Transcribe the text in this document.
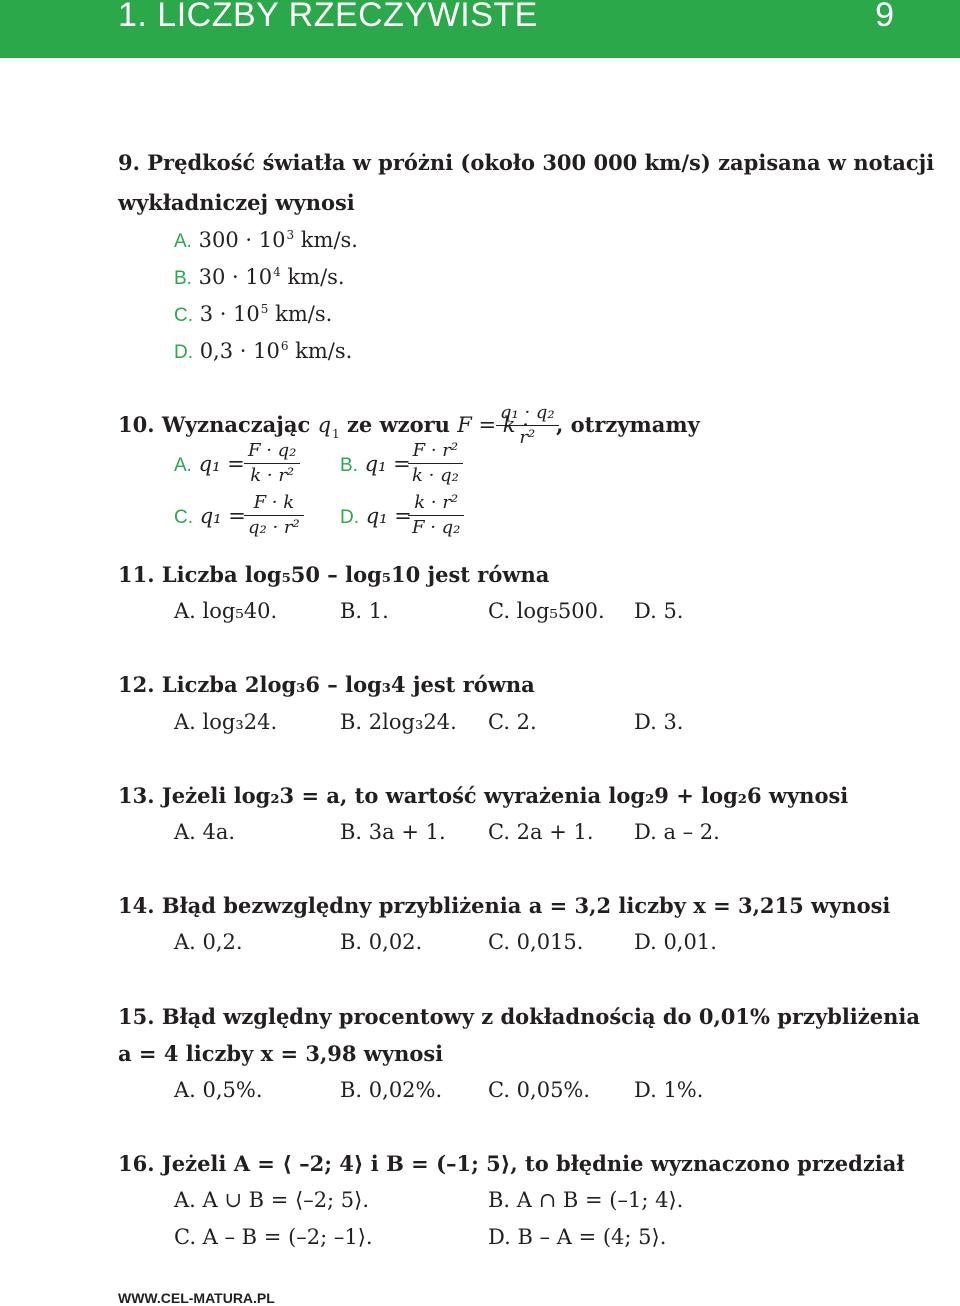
1. LICZBY RZECZYWISTE	9
9. Prędkość światła w próżni (około 300 000 km/s) zapisana w notacji
wykładniczej wynosi
A. $300 \cdot 10^3$ km/s.
B. $30 \cdot 10^4$ km/s.
C. $3 \cdot 10^5$ km/s.
D. $0,3 \cdot 10^6$ km/s.
10. Wyznaczając $q_1$ ze wzoru F = k ·
$\frac{\text{q₁ · q₂}}{\text{r²}}$
, otrzymamy
A. $q_1 = \frac{\text{F · q₂}}{\text{k · r²}} B$. q₁ =
$\frac{\text{F · r²}}{\text{k · q₂}}$
C. q₁ =
$\frac{F \cdot k}{\text{q₂ · r²}} D$. q₁ =
$\frac{\text{k · r²}}{\text{F · q₂}}$
11. Liczba log₅50 – log₅10 jest równa
A. log₅40.	B. 1.	C. log₅500. D. 5.
12. Liczba 2log₃6 – log₃4 jest równa
A. log₃24.	B. 2log₃24. C. 2.	D. 3.
13. Jeżeli log₂3 = a, to wartość wyrażenia log₂9 + log₂6 wynosi
A. 4a.	B. 3a + 1. C. 2a + 1. D. a – 2.
14. Błąd bezwzględny przybliżenia a = 3,2 liczby x = 3,215 wynosi
A. 0,2.	B. 0,02.	C. 0,015. D. 0,01.
15. Błąd względny procentowy z dokładnością do 0,01% przybliżenia
a = 4 liczby x = 3,98 wynosi
A. 0,5%.	B. 0,02%. C. 0,05%. D. 1%.
16. Jeżeli A = ⟨ –2; 4⟩ i B = (–1; 5⟩, to błędnie wyznaczono przedział
A. A ∪ B = ⟨–2; 5⟩.	B. A ∩ B = (–1; 4⟩.
C. A – B = (–2; –1⟩.	D. B – A = (4; 5⟩.
WWW.CEL-MATURA.PL
